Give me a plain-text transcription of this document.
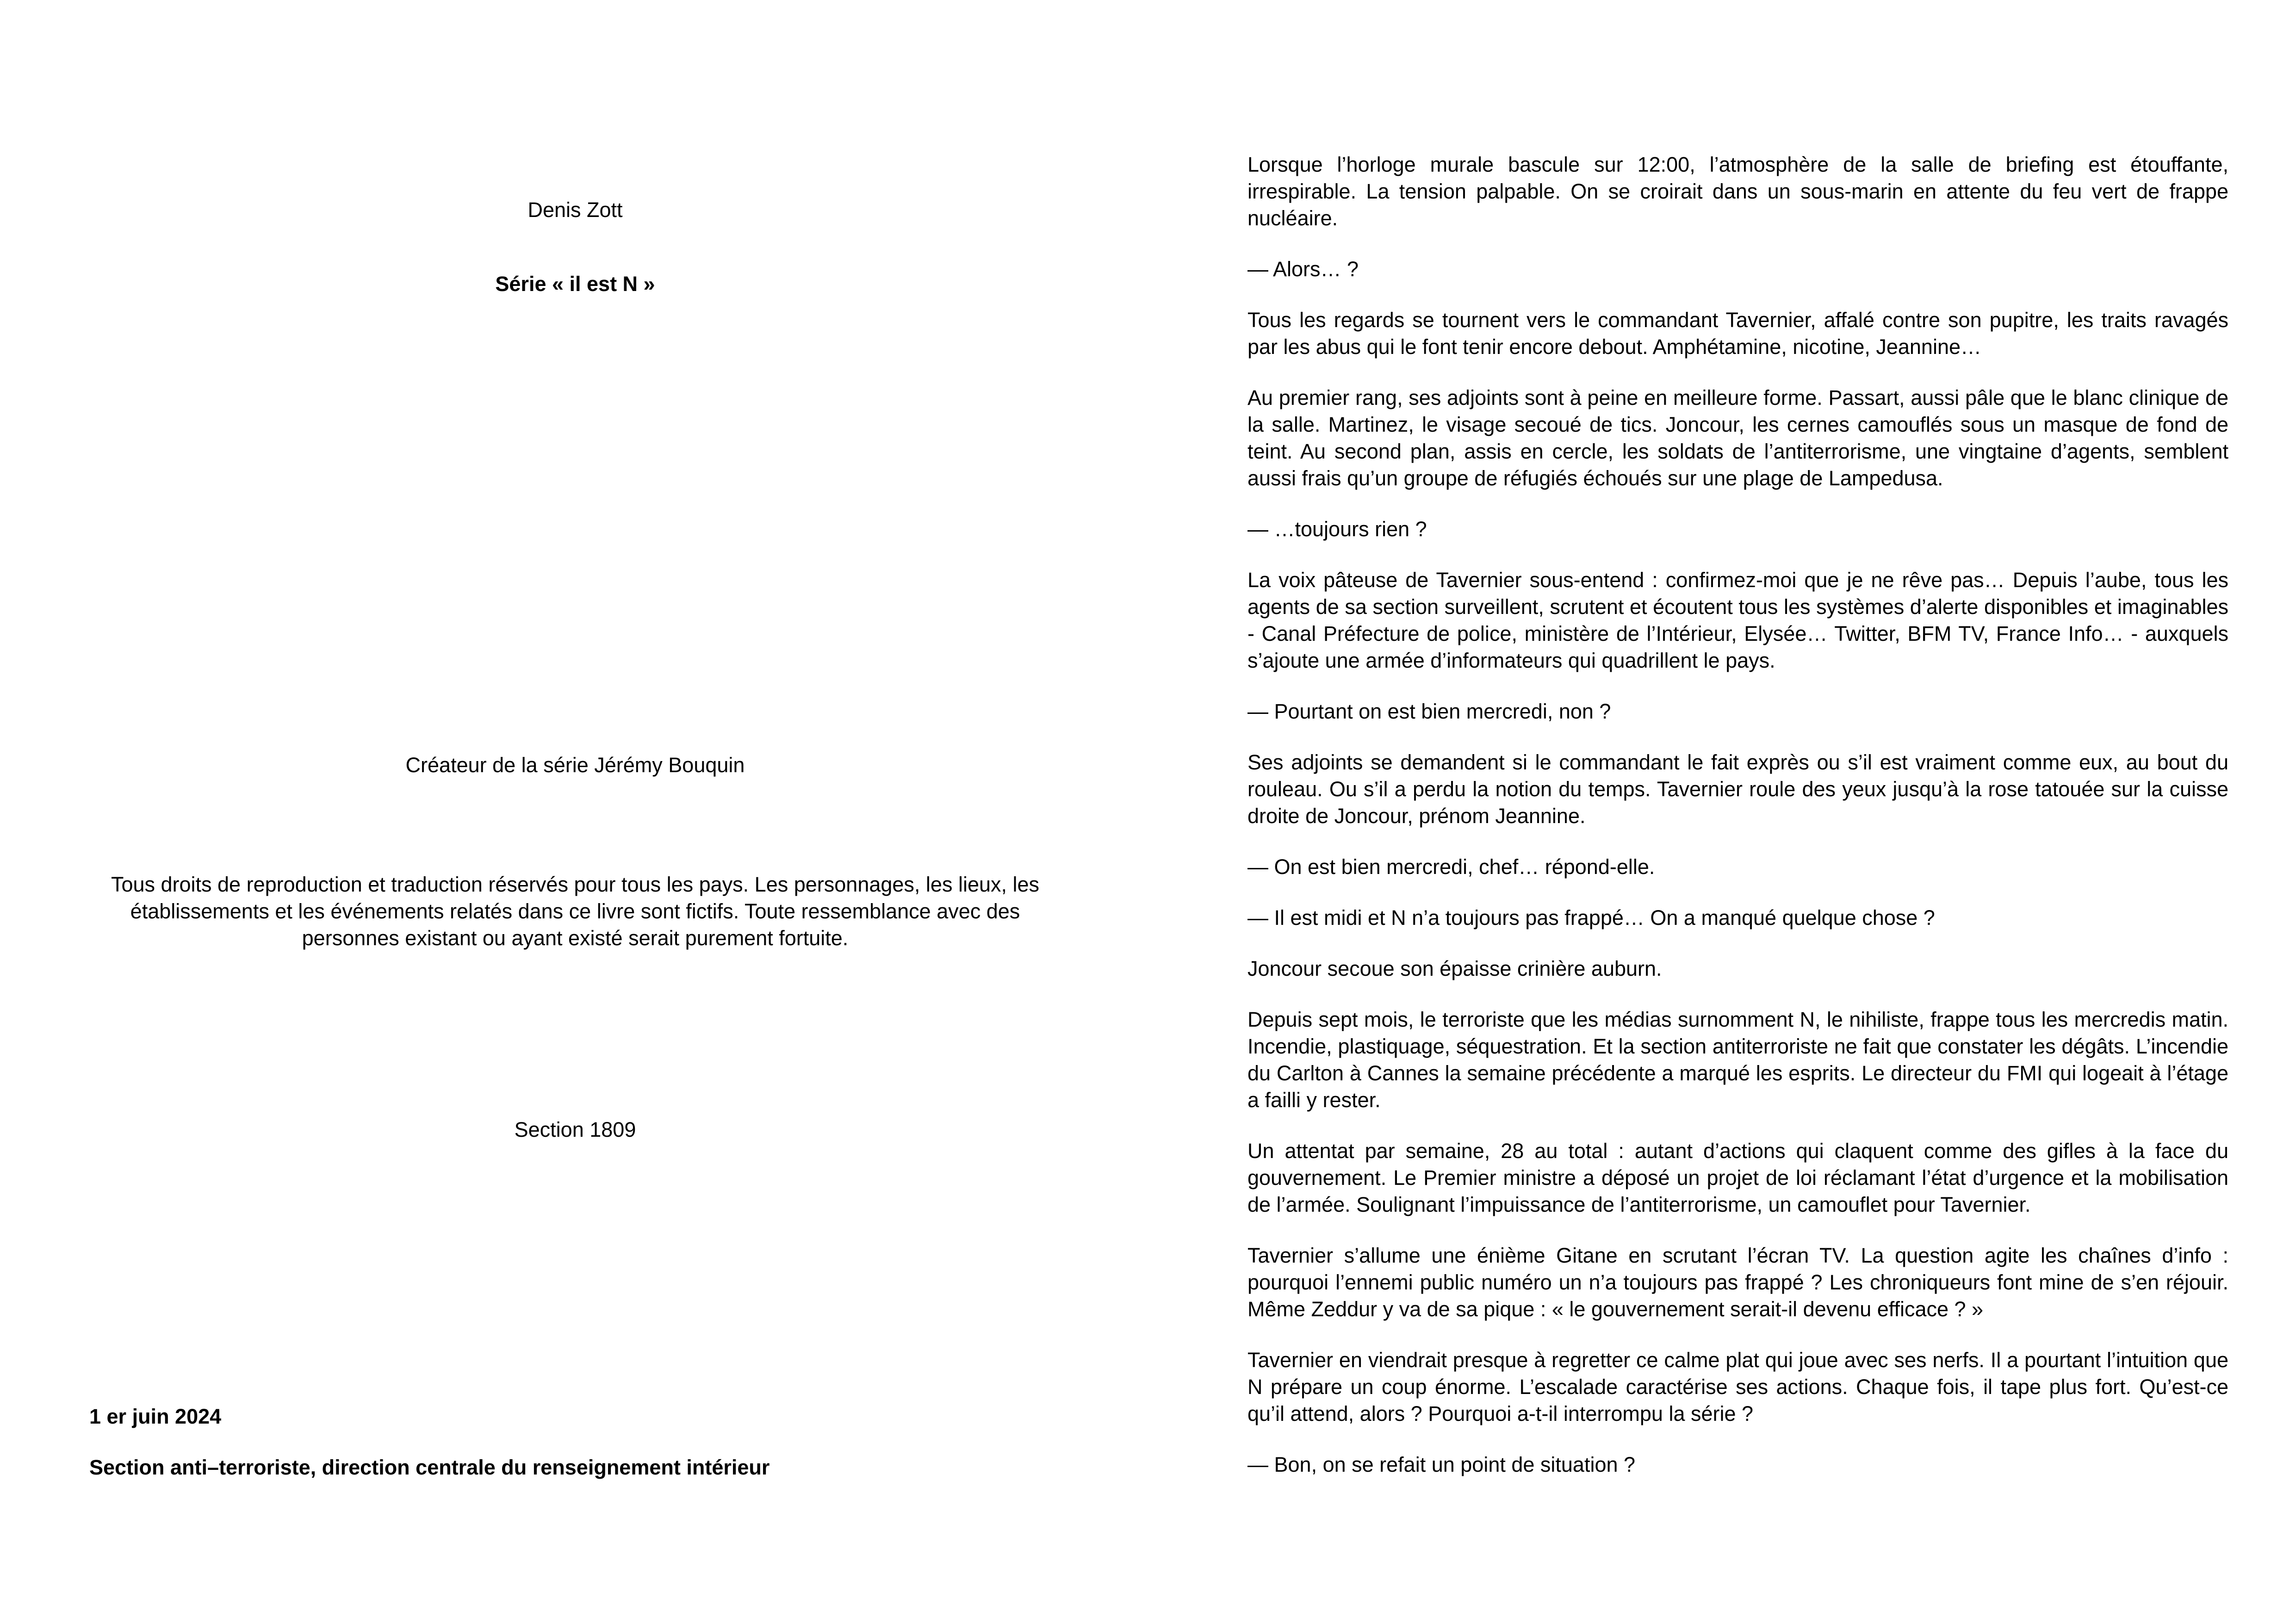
Denis Zott
Série « il est N »
Créateur de la série Jérémy Bouquin
Tous droits de reproduction et traduction réservés pour tous les pays. Les personnages, les lieux, les établissements et les événements relatés dans ce livre sont fictifs. Toute ressemblance avec des personnes existant ou ayant existé serait purement fortuite.
Section 1809
1 er juin 2024
Section anti–terroriste, direction centrale du renseignement intérieur

Lorsque l’horloge murale bascule sur 12:00, l’atmosphère de la salle de briefing est étouffante, irrespirable. La tension palpable. On se croirait dans un sous-marin en attente du feu vert de frappe nucléaire.

— Alors… ?

Tous les regards se tournent vers le commandant Tavernier, affalé contre son pupitre, les traits ravagés par les abus qui le font tenir encore debout. Amphétamine, nicotine, Jeannine…

Au premier rang, ses adjoints sont à peine en meilleure forme. Passart, aussi pâle que le blanc clinique de la salle. Martinez, le visage secoué de tics. Joncour, les cernes camouflés sous un masque de fond de teint. Au second plan, assis en cercle, les soldats de l’antiterrorisme, une vingtaine d’agents, semblent aussi frais qu’un groupe de réfugiés échoués sur une plage de Lampedusa.

— …toujours rien ?

La voix pâteuse de Tavernier sous-entend : confirmez-moi que je ne rêve pas… Depuis l’aube, tous les agents de sa section surveillent, scrutent et écoutent tous les systèmes d’alerte disponibles et imaginables - Canal Préfecture de police, ministère de l’Intérieur, Elysée… Twitter, BFM TV, France Info… - auxquels s’ajoute une armée d’informateurs qui quadrillent le pays.

— Pourtant on est bien mercredi, non ?

Ses adjoints se demandent si le commandant le fait exprès ou s’il est vraiment comme eux, au bout du rouleau. Ou s’il a perdu la notion du temps. Tavernier roule des yeux jusqu’à la rose tatouée sur la cuisse droite de Joncour, prénom Jeannine.

— On est bien mercredi, chef… répond-elle.

— Il est midi et N n’a toujours pas frappé… On a manqué quelque chose ?

Joncour secoue son épaisse crinière auburn.

Depuis sept mois, le terroriste que les médias surnomment N, le nihiliste, frappe tous les mercredis matin. Incendie, plastiquage, séquestration. Et la section antiterroriste ne fait que constater les dégâts. L’incendie du Carlton à Cannes la semaine précédente a marqué les esprits. Le directeur du FMI qui logeait à l’étage a failli y rester.

Un attentat par semaine, 28 au total : autant d’actions qui claquent comme des gifles à la face du gouvernement. Le Premier ministre a déposé un projet de loi réclamant l’état d’urgence et la mobilisation de l’armée. Soulignant l’impuissance de l’antiterrorisme, un camouflet pour Tavernier.

Tavernier s’allume une énième Gitane en scrutant l’écran TV. La question agite les chaînes d’info : pourquoi l’ennemi public numéro un n’a toujours pas frappé ? Les chroniqueurs font mine de s’en réjouir. Même Zeddur y va de sa pique : « le gouvernement serait-il devenu efficace ? »

Tavernier en viendrait presque à regretter ce calme plat qui joue avec ses nerfs. Il a pourtant l’intuition que N prépare un coup énorme. L’escalade caractérise ses actions. Chaque fois, il tape plus fort. Qu’est-ce qu’il attend, alors ? Pourquoi a-t-il interrompu la série ?

— Bon, on se refait un point de situation ?
